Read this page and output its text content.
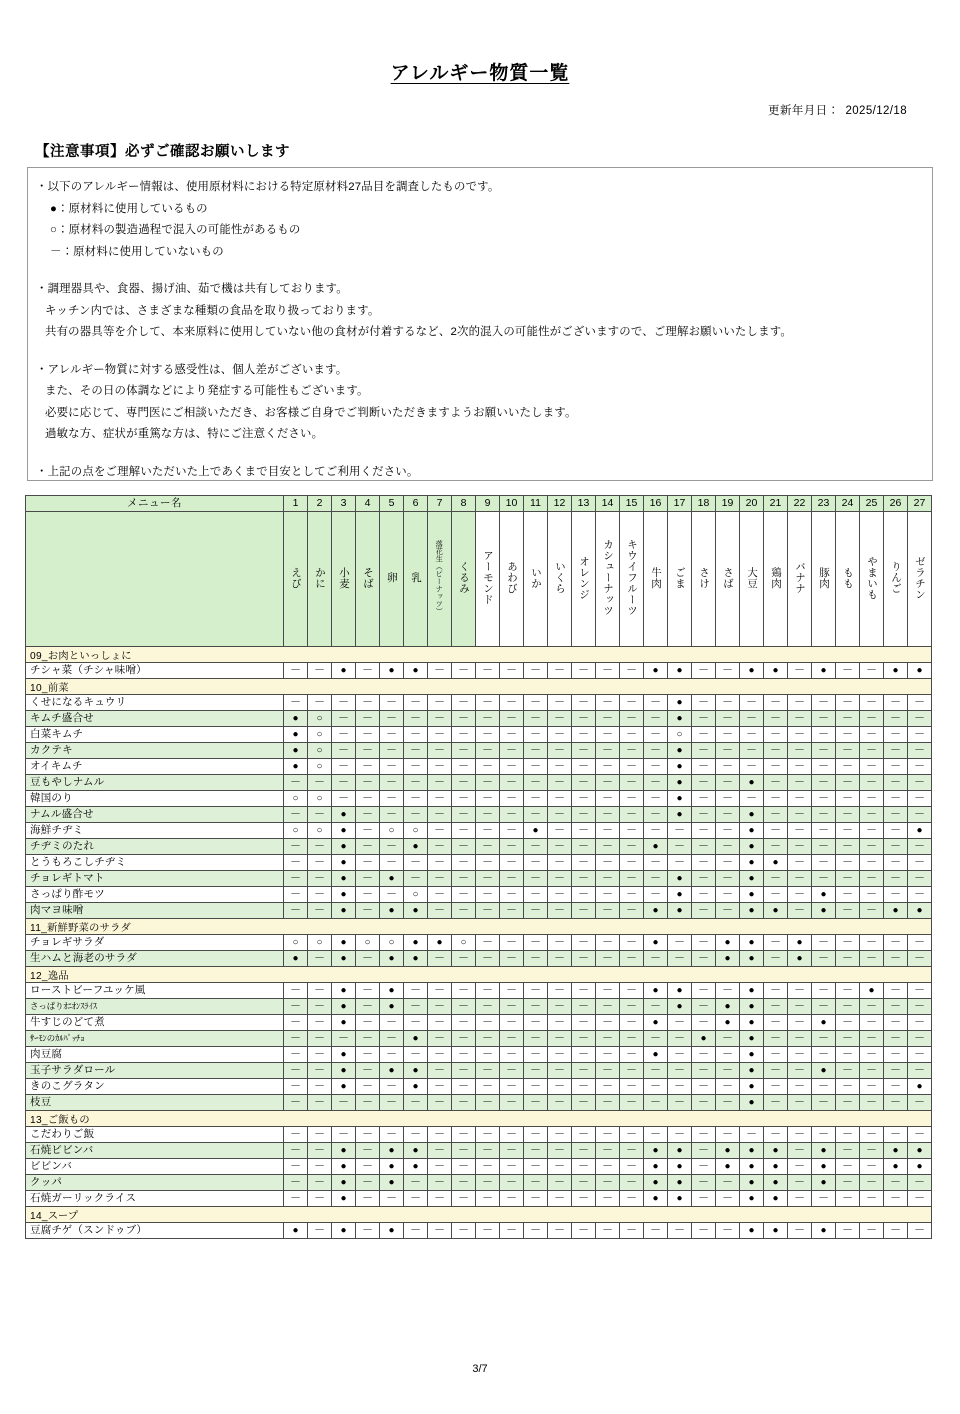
アレルギー物質一覧
更新年月日： 2025/12/18
【注意事項】必ずご確認お願いします
・以下のアレルギー情報は、使用原材料における特定原材料27品目を調査したものです。
●：原材料に使用しているもの
○：原材料の製造過程で混入の可能性があるもの
－：原材料に使用していないもの
・調理器具や、食器、揚げ油、茹で機は共有しております。
キッチン内では、さまざまな種類の食品を取り扱っております。
共有の器具等を介して、本来原料に使用していない他の食材が付着するなど、2次的混入の可能性がございますので、ご理解お願いいたします。
・アレルギー物質に対する感受性は、個人差がございます。
また、その日の体調などにより発症する可能性もございます。
必要に応じて、専門医にご相談いただき、お客様ご自身でご判断いただきますようお願いいたします。
過敏な方、症状が重篤な方は、特にご注意ください。
・上記の点をご理解いただいた上であくまで目安としてご利用ください。
メニュー名	1	2	3	4	5	6	7	8	9	10	11	12	13	14	15	16	17	18	19	20	21	22	23	24	25	26	27
	えび	かに	小麦	そば	卵	乳	落花生（ピーナッツ）	くるみ	アーモンド	あわび	いか	いくら	オレンジ	カシューナッツ	キウイフルーツ	牛肉	ごま	さけ	さば	大豆	鶏肉	バナナ	豚肉	もも	やまいも	りんご	ゼラチン
09_お肉といっしょに																											
チシャ菜（チシャ味噌）	－	－	●	－	●	●	－	－	－	－	－	－	－	－	－	●	●	－	－	●	●	－	●	－	－	●	●
10_前菜																											
くせになるキュウリ	－	－	－	－	－	－	－	－	－	－	－	－	－	－	－	－	●	－	－	－	－	－	－	－	－	－	－
キムチ盛合せ	●	○	－	－	－	－	－	－	－	－	－	－	－	－	－	－	●	－	－	－	－	－	－	－	－	－	－
白菜キムチ	●	○	－	－	－	－	－	－	－	－	－	－	－	－	－	－	○	－	－	－	－	－	－	－	－	－	－
カクテキ	●	○	－	－	－	－	－	－	－	－	－	－	－	－	－	－	●	－	－	－	－	－	－	－	－	－	－
オイキムチ	●	○	－	－	－	－	－	－	－	－	－	－	－	－	－	－	●	－	－	－	－	－	－	－	－	－	－
豆もやしナムル	－	－	－	－	－	－	－	－	－	－	－	－	－	－	－	－	●	－	－	●	－	－	－	－	－	－	－
韓国のり	○	○	－	－	－	－	－	－	－	－	－	－	－	－	－	－	●	－	－	－	－	－	－	－	－	－	－
ナムル盛合せ	－	－	●	－	－	－	－	－	－	－	－	－	－	－	－	－	●	－	－	●	－	－	－	－	－	－	－
海鮮チヂミ	○	○	●	－	○	○	－	－	－	－	●	－	－	－	－	－	－	－	－	●	－	－	－	－	－	－	●
チヂミのたれ	－	－	●	－	－	●	－	－	－	－	－	－	－	－	－	●	－	－	－	●	－	－	－	－	－	－	－
とうもろこしチヂミ	－	－	●	－	－	－	－	－	－	－	－	－	－	－	－	－	－	－	－	●	●	－	－	－	－	－	－
チョレギトマト	－	－	●	－	●	－	－	－	－	－	－	－	－	－	－	－	●	－	－	●	－	－	－	－	－	－	－
さっぱり酢モツ	－	－	●	－	－	○	－	－	－	－	－	－	－	－	－	－	●	－	－	●	－	－	●	－	－	－	－
肉マヨ味噌	－	－	●	－	●	●	－	－	－	－	－	－	－	－	－	●	●	－	－	●	●	－	●	－	－	●	●
11_新鮮野菜のサラダ																											
チョレギサラダ	○	○	●	○	○	●	●	○	－	－	－	－	－	－	－	●	－	－	●	●	－	●	－	－	－	－	－
生ハムと海老のサラダ	●	－	●	－	●	●	－	－	－	－	－	－	－	－	－	－	－	－	●	●	－	●	－	－	－	－	－
12_逸品																											
ローストビーフユッケ風	－	－	●	－	●	－	－	－	－	－	－	－	－	－	－	●	●	－	－	●	－	－	－	－	●	－	－
さっぱりｵﾆｵﾝｽﾗｲｽ	－	－	●	－	●	－	－	－	－	－	－	－	－	－	－	－	●	－	●	●	－	－	－	－	－	－	－
牛すじのどて煮	－	－	●	－	－	－	－	－	－	－	－	－	－	－	－	●	－	－	●	●	－	－	●	－	－	－	－
ｻｰﾓﾝのｶﾙﾊﾟｯﾁｮ	－	－	－	－	－	●	－	－	－	－	－	－	－	－	－	－	－	●	－	●	－	－	－	－	－	－	－
肉豆腐	－	－	●	－	－	－	－	－	－	－	－	－	－	－	－	●	－	－	－	●	－	－	－	－	－	－	－
玉子サラダロール	－	－	●	－	●	●	－	－	－	－	－	－	－	－	－	－	－	－	－	●	－	－	●	－	－	－	－
きのこグラタン	－	－	●	－	－	●	－	－	－	－	－	－	－	－	－	－	－	－	－	●	－	－	－	－	－	－	●
枝豆	－	－	－	－	－	－	－	－	－	－	－	－	－	－	－	－	－	－	－	●	－	－	－	－	－	－	－
13_ご飯もの																											
こだわりご飯	－	－	－	－	－	－	－	－	－	－	－	－	－	－	－	－	－	－	－	－	－	－	－	－	－	－	－
石焼ビビンバ	－	－	●	－	●	●	－	－	－	－	－	－	－	－	－	●	●	－	●	●	●	－	●	－	－	●	●
ビビンバ	－	－	●	－	●	●	－	－	－	－	－	－	－	－	－	●	●	－	●	●	●	－	●	－	－	●	●
クッパ	－	－	●	－	●	－	－	－	－	－	－	－	－	－	－	●	●	－	－	●	●	－	●	－	－	－	－
石焼ガーリックライス	－	－	●	－	－	－	－	－	－	－	－	－	－	－	－	●	●	－	－	●	●	－	－	－	－	－	－
14_スープ																											
豆腐チゲ（スンドゥブ）	●	－	●	－	●	－	－	－	－	－	－	－	－	－	－	－	－	－	－	●	●	－	●	－	－	－	－
3/7
